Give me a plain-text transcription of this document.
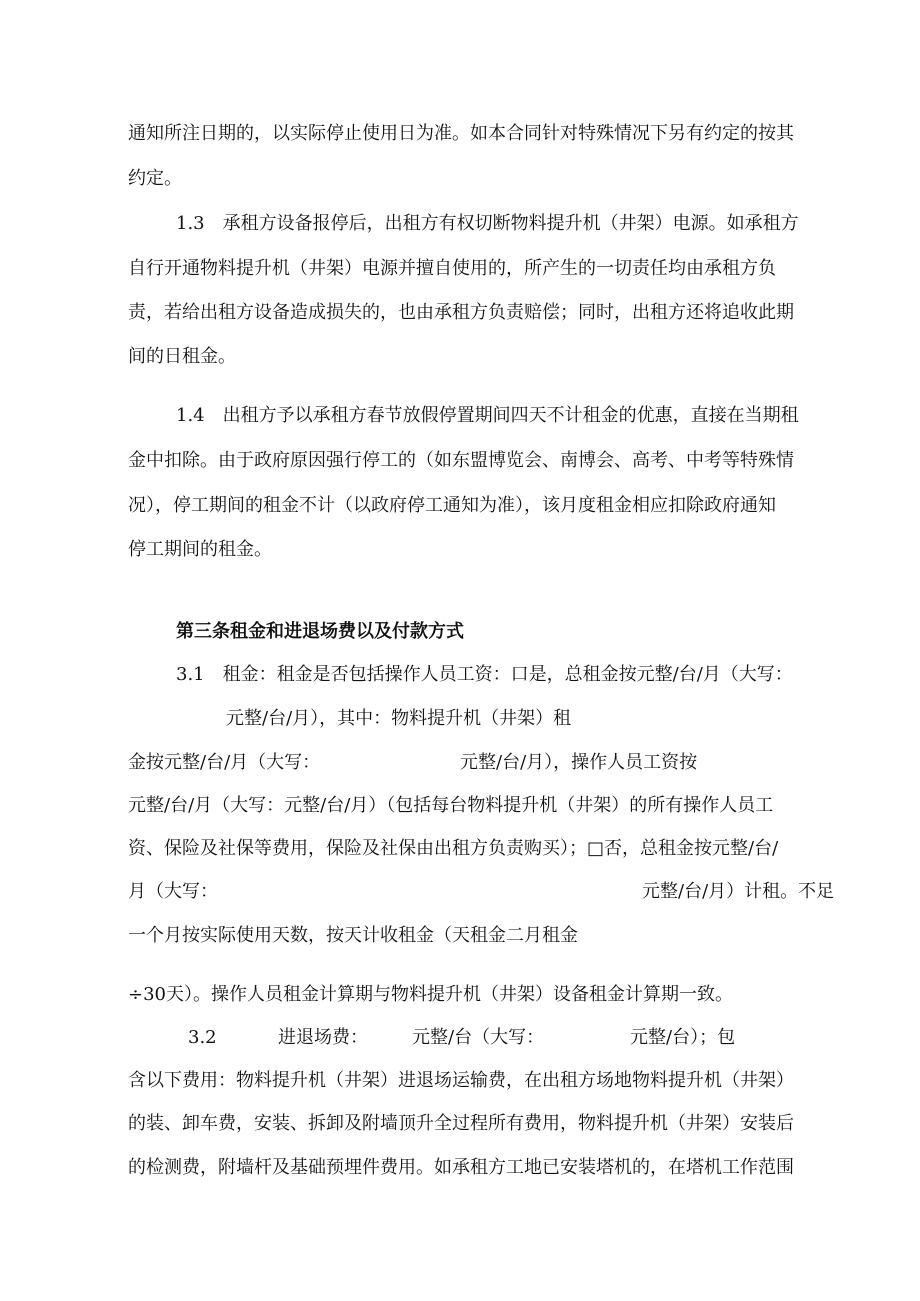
通知所注日期的，以实际停止使用日为准。如本合同针对特殊情况下另有约定的按其

约定。

1.3　承租方设备报停后，出租方有权切断物料提升机（井架）电源。如承租方

自行开通物料提升机（井架）电源并擅自使用的，所产生的一切责任均由承租方负

责，若给出租方设备造成损失的，也由承租方负责赔偿；同时，出租方还将追收此期

间的日租金。

1.4　出租方予以承租方春节放假停置期间四天不计租金的优惠，直接在当期租

金中扣除。由于政府原因强行停工的（如东盟博览会、南博会、高考、中考等特殊情

况），停工期间的租金不计（以政府停工通知为准），该月度租金相应扣除政府通知

停工期间的租金。

第三条租金和进退场费以及付款方式

3.1　租金：租金是否包括操作人员工资：口是，总租金按元整/台/月（大写：

元整/台/月），其中：物料提升机（井架）租

金按元整/台/月（大写：	元整/台/月），操作人员工资按

元整/台/月（大写：元整/台/月）（包括每台物料提升机（井架）的所有操作人员工

资、保险及社保等费用，保险及社保由出租方负责购买）；□否，总租金按元整/台/

月（大写：	元整/台/月）计租。不足

一个月按实际使用天数，按天计收租金（天租金二月租金

÷30天）。操作人员租金计算期与物料提升机（井架）设备租金计算期一致。

3.2	进退场费： 元整/台（大写：	元整/台）；包

含以下费用：物料提升机（井架）进退场运输费，在出租方场地物料提升机（井架）

的装、卸车费，安装、拆卸及附墙顶升全过程所有费用，物料提升机（井架）安装后

的检测费，附墙杆及基础预埋件费用。如承租方工地已安装塔机的，在塔机工作范围
